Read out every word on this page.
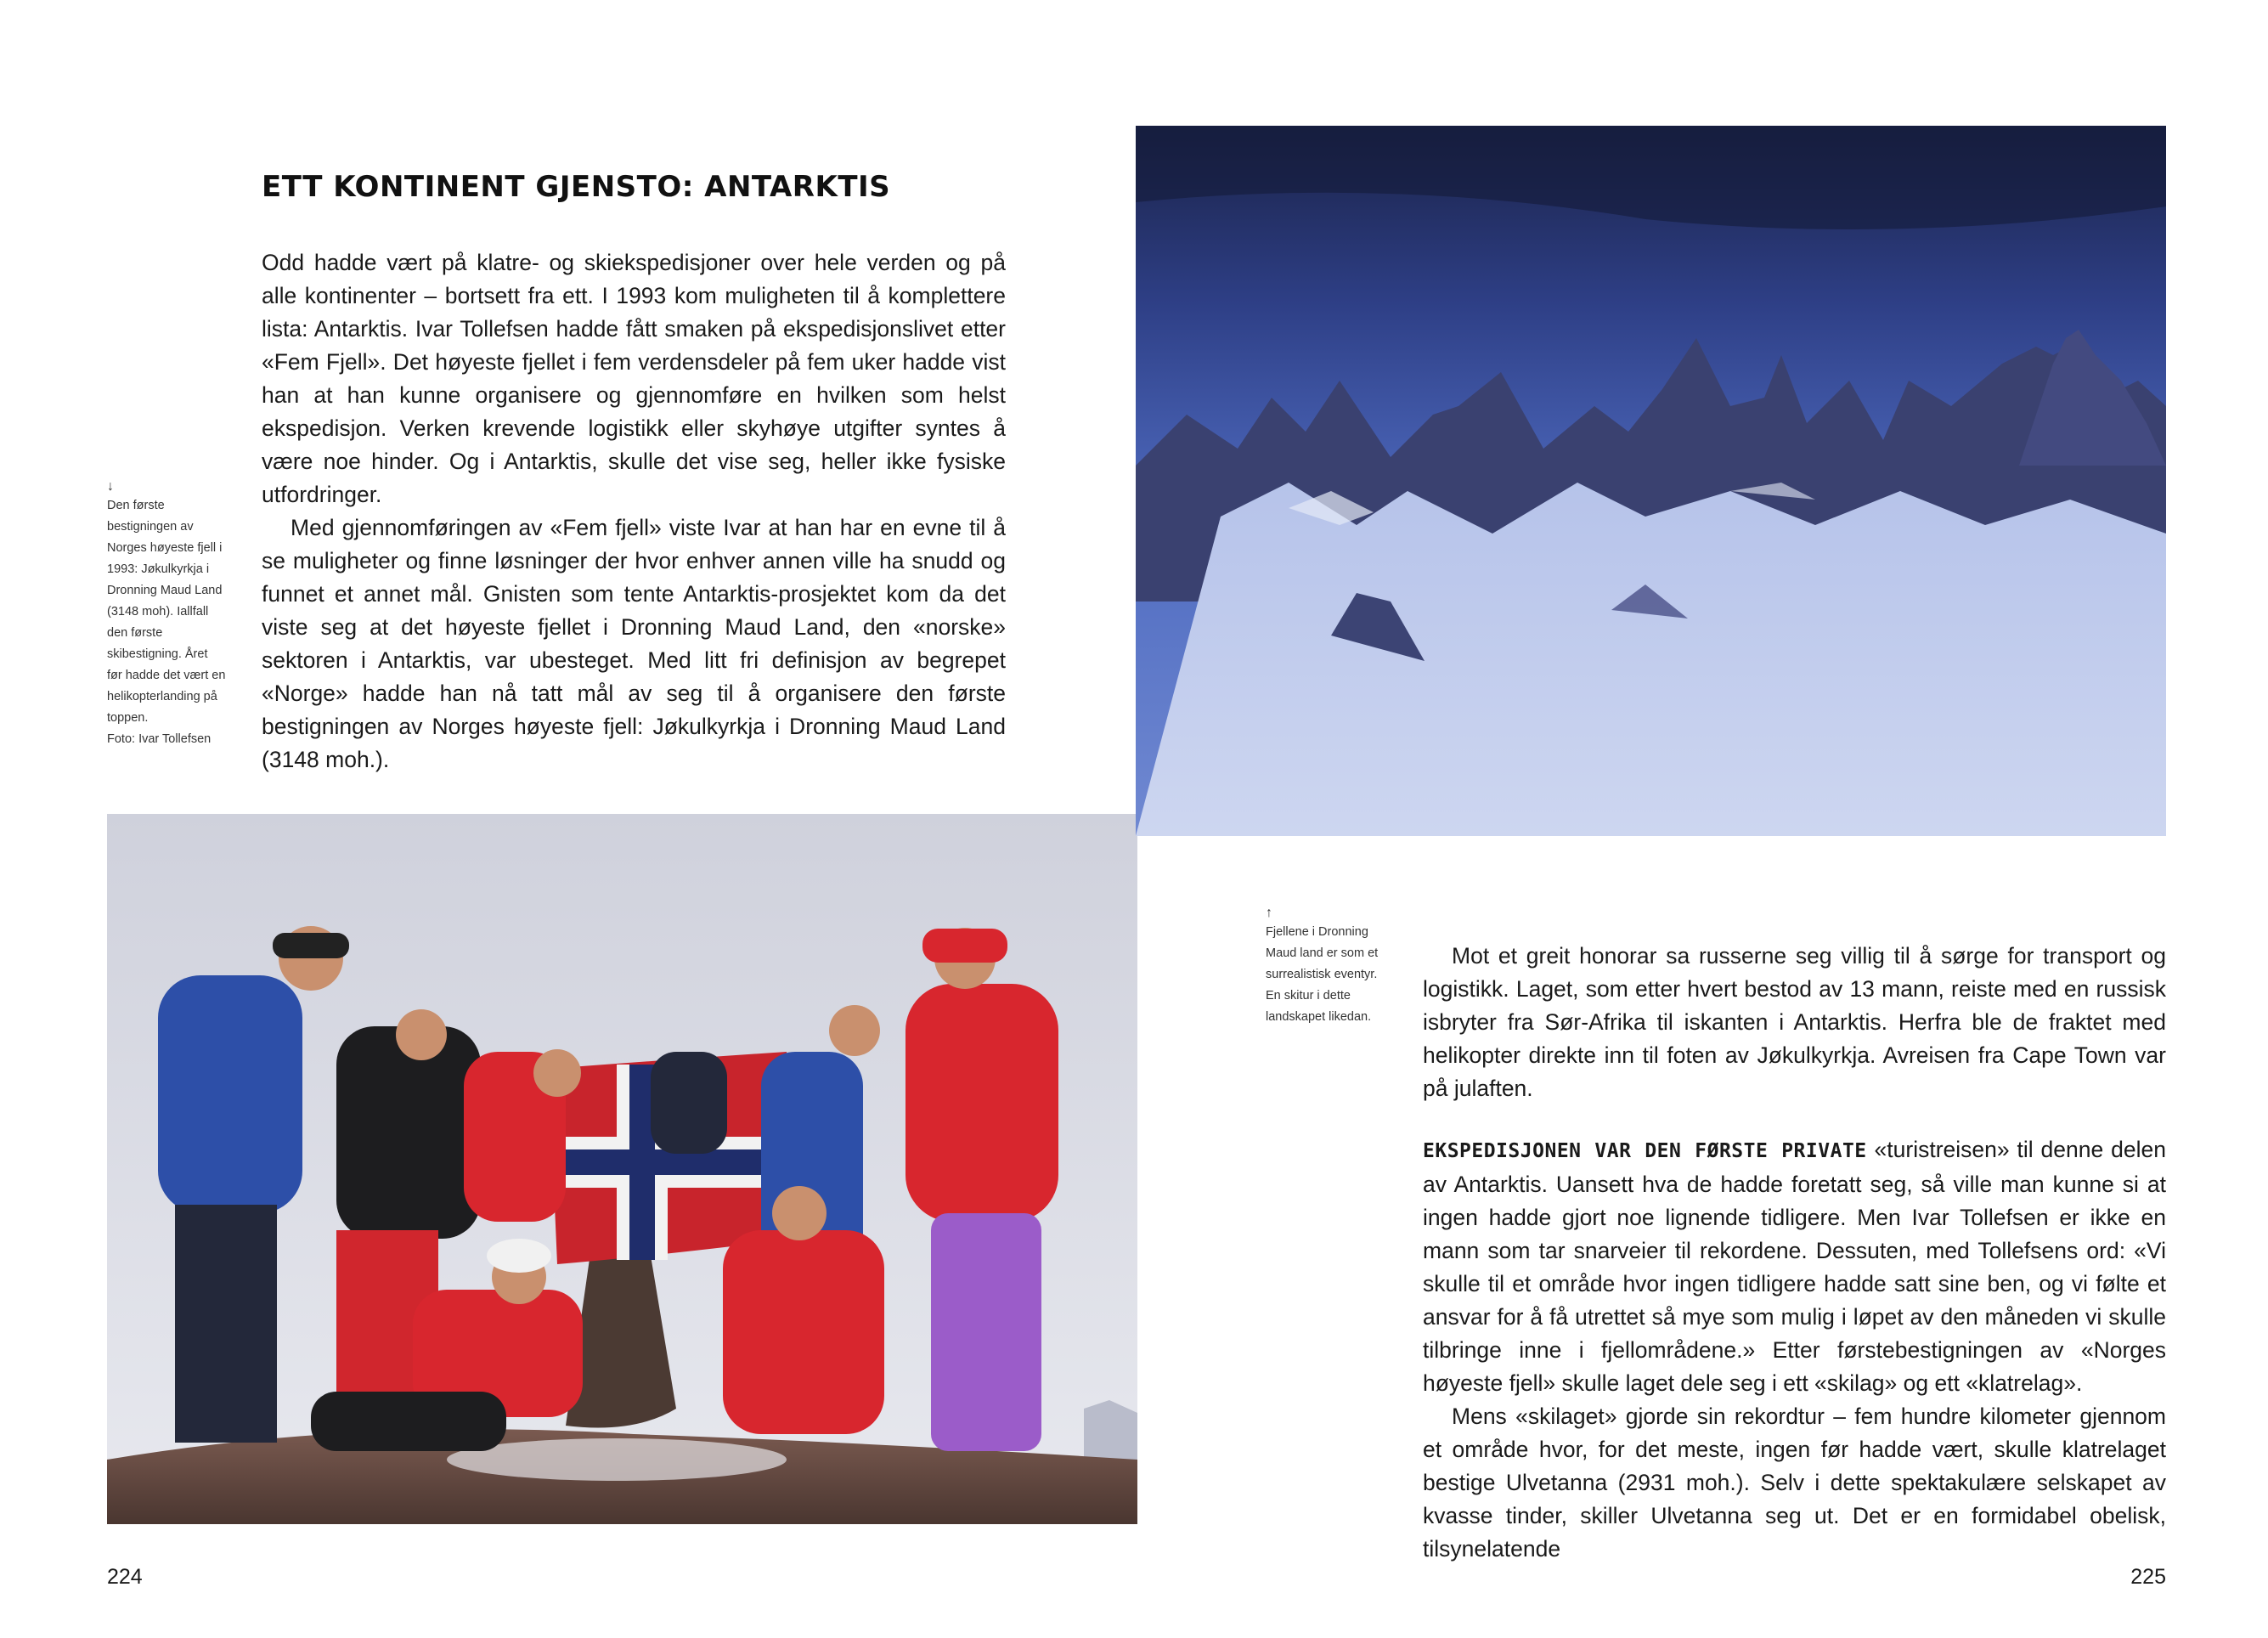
ETT KONTINENT GJENSTO: ANTARKTIS

Odd hadde vært på klatre- og skiekspedisjoner over hele verden og på alle kontinenter – bortsett fra ett. I 1993 kom muligheten til å komplettere lista: Antarktis. Ivar Tollefsen hadde fått smaken på ekspedisjonslivet etter «Fem Fjell». Det høyeste fjellet i fem verdensdeler på fem uker hadde vist han at han kunne organisere og gjennomføre en hvilken som helst ekspedisjon. Verken krevende logistikk eller skyhøye utgifter syntes å være noe hinder. Og i Antarktis, skulle det vise seg, heller ikke fysiske utfordringer.

Med gjennomføringen av «Fem fjell» viste Ivar at han har en evne til å se muligheter og finne løsninger der hvor enhver annen ville ha snudd og funnet et annet mål. Gnisten som tente Antarktis-prosjektet kom da det viste seg at det høyeste fjellet i Dronning Maud Land, den «norske» sektoren i Antarktis, var ubesteget. Med litt fri definisjon av begrepet «Norge» hadde han nå tatt mål av seg til å organisere den første bestigningen av Norges høyeste fjell: Jøkulkyrkja i Dronning Maud Land (3148 moh.).

↓
Den første bestigningen av Norges høyeste fjell i 1993: Jøkulkyrkja i Dronning Maud Land (3148 moh). Iallfall den første skibestigning. Året før hadde det vært en helikopterlanding på toppen.
Foto: Ivar Tollefsen
224	225
↑
Fjellene i Dronning Maud land er som et surrealistisk eventyr. En skitur i dette landskapet likedan.

Mot et greit honorar sa russerne seg villig til å sørge for transport og logistikk. Laget, som etter hvert bestod av 13 mann, reiste med en russisk isbryter fra Sør-Afrika til iskanten i Antarktis. Herfra ble de fraktet med helikopter direkte inn til foten av Jøkulkyrkja. Avreisen fra Cape Town var på julaften.

EKSPEDISJONEN VAR DEN FØRSTE PRIVATE «turistreisen» til denne delen av Antarktis. Uansett hva de hadde foretatt seg, så ville man kunne si at ingen hadde gjort noe lignende tidligere. Men Ivar Tollefsen er ikke en mann som tar snarveier til rekordene. Dessuten, med Tollefsens ord: «Vi skulle til et område hvor ingen tidligere hadde satt sine ben, og vi følte et ansvar for å få utrettet så mye som mulig i løpet av den måneden vi skulle tilbringe inne i fjellområdene.» Etter førstebestigningen av «Norges høyeste fjell» skulle laget dele seg i ett «skilag» og ett «klatrelag».

Mens «skilaget» gjorde sin rekordtur – fem hundre kilometer gjennom et område hvor, for det meste, ingen før hadde vært, skulle klatrelaget bestige Ulvetanna (2931 moh.). Selv i dette spektakulære selskapet av kvasse tinder, skiller Ulvetanna seg ut. Det er en formidabel obelisk, tilsynelatende
